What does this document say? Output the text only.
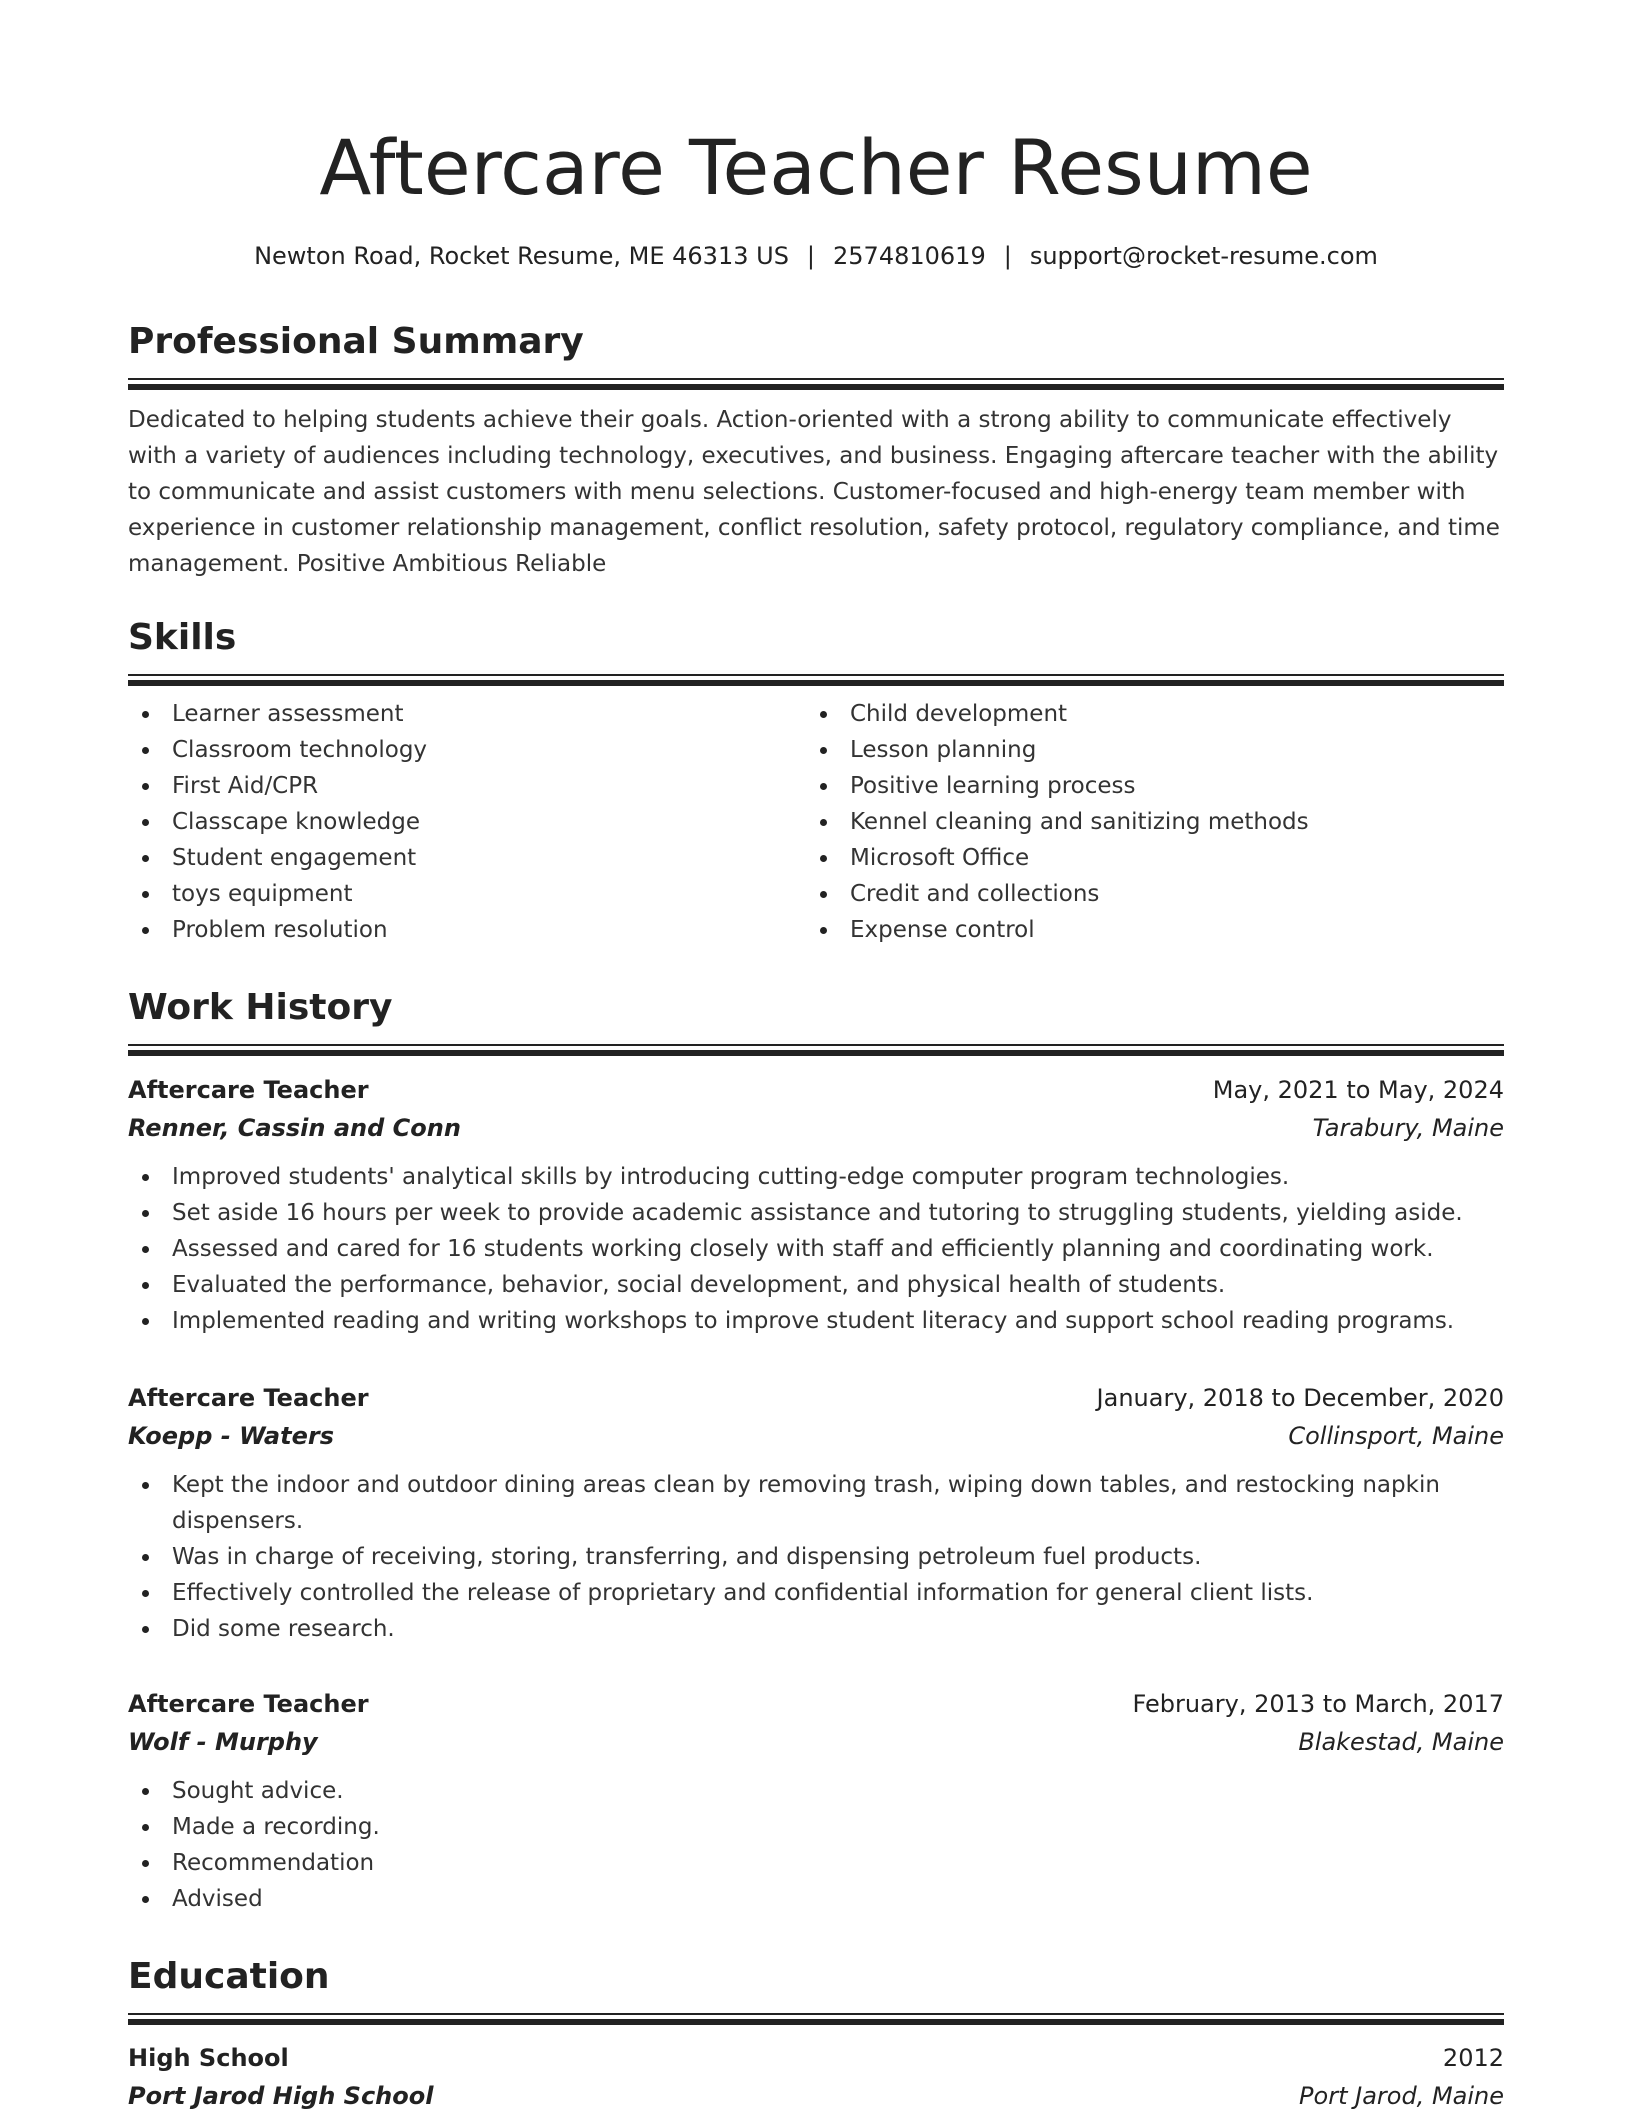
Aftercare Teacher Resume
Newton Road, Rocket Resume, ME 46313 US | 2574810619 | support@rocket-resume.com
Professional Summary
Dedicated to helping students achieve their goals. Action-oriented with a strong ability to communicate effectively with a variety of audiences including technology, executives, and business. Engaging aftercare teacher with the ability to communicate and assist customers with menu selections. Customer-focused and high-energy team member with experience in customer relationship management, conflict resolution, safety protocol, regulatory compliance, and time management. Positive Ambitious Reliable
Skills
Learner assessment
Classroom technology
First Aid/CPR
Classcape knowledge
Student engagement
toys equipment
Problem resolution
Child development
Lesson planning
Positive learning process
Kennel cleaning and sanitizing methods
Microsoft Office
Credit and collections
Expense control
Work History
Aftercare Teacher	May, 2021 to May, 2024
Renner, Cassin and Conn	Tarabury, Maine
Improved students' analytical skills by introducing cutting-edge computer program technologies.
Set aside 16 hours per week to provide academic assistance and tutoring to struggling students, yielding aside.
Assessed and cared for 16 students working closely with staff and efficiently planning and coordinating work.
Evaluated the performance, behavior, social development, and physical health of students.
Implemented reading and writing workshops to improve student literacy and support school reading programs.
Aftercare Teacher	January, 2018 to December, 2020
Koepp - Waters	Collinsport, Maine
Kept the indoor and outdoor dining areas clean by removing trash, wiping down tables, and restocking napkin dispensers.
Was in charge of receiving, storing, transferring, and dispensing petroleum fuel products.
Effectively controlled the release of proprietary and confidential information for general client lists.
Did some research.
Aftercare Teacher	February, 2013 to March, 2017
Wolf - Murphy	Blakestad, Maine
Sought advice.
Made a recording.
Recommendation
Advised
Education
High School	2012
Port Jarod High School	Port Jarod, Maine
